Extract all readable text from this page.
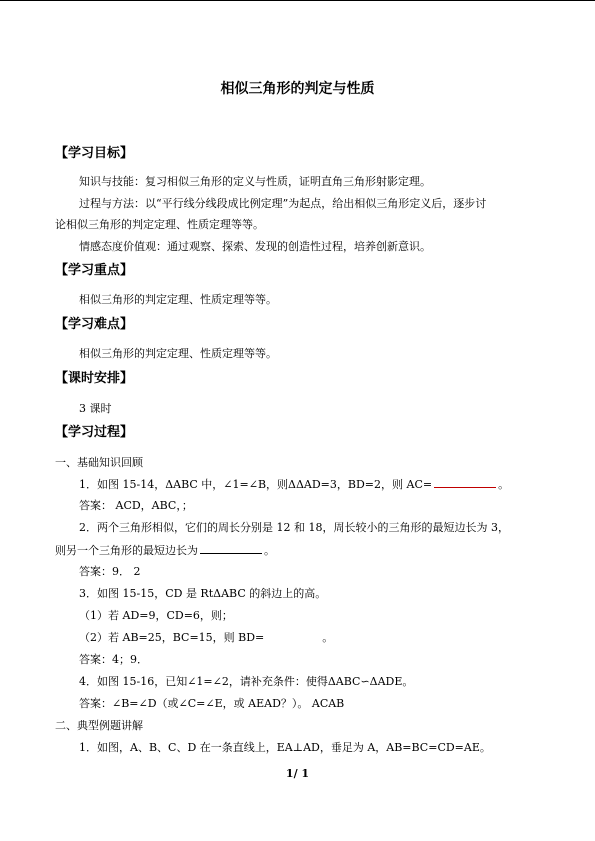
相似三角形的判定与性质
【学习目标】
知识与技能：复习相似三角形的定义与性质，证明直角三角形射影定理。
过程与方法：以“平行线分线段成比例定理”为起点，给出相似三角形定义后，逐步讨
论相似三角形的判定定理、性质定理等等。
情感态度价值观：通过观察、探索、发现的创造性过程，培养创新意识。
【学习重点】
相似三角形的判定定理、性质定理等等。
【学习难点】
相似三角形的判定定理、性质定理等等。
【课时安排】
3 课时
【学习过程】
一、基础知识回顾
1．如图 15-14，ΔABC 中，∠1=∠B，则ΔΔAD=3，BD=2，则 AC=	。
答案： ACD，ABC，；
2．两个三角形相似，它们的周长分别是 12 和 18，周长较小的三角形的最短边长为 3，
则另一个三角形的最短边长为	。
答案：9． 2
3．如图 15-15，CD 是 RtΔABC 的斜边上的高。
（1）若 AD=9，CD=6，则；
（2）若 AB=25，BC=15，则 BD=	。
答案：4；9．
4．如图 15-16，已知∠1=∠2，请补充条件：使得ΔABC∽ΔADE。
答案：∠B=∠D（或∠C=∠E，或 AEAD？）。 ACAB
二、典型例题讲解
1．如图，A、B、C、D 在一条直线上，EA⊥AD，垂足为 A，AB=BC=CD=AE。
1/ 1
